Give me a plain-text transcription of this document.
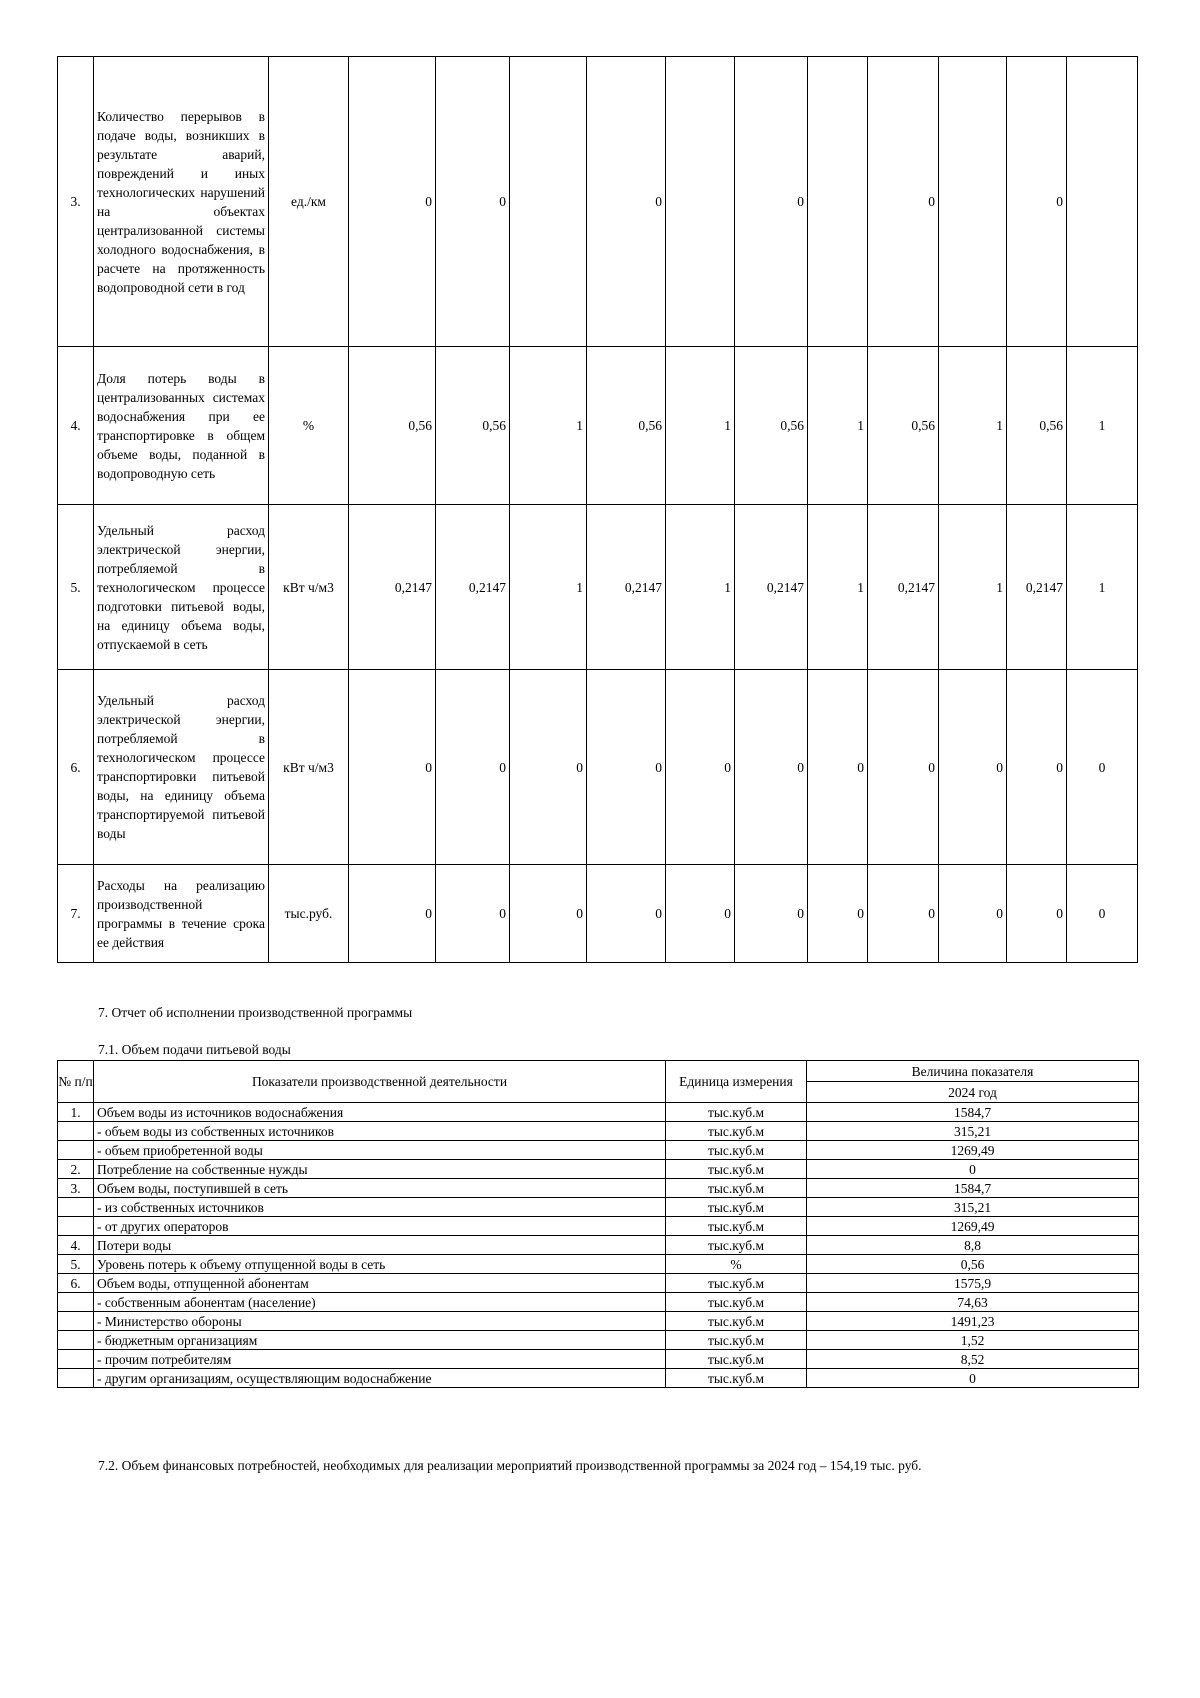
3.	Количество перерывов в подаче воды, возникших в результате аварий, повреждений и иных технологических нарушений на объектах централизованной системы холодного водоснабжения, в расчете на протяженность водопроводной сети в год	ед./км	0	0		0		0		0		0	
4.	Доля потерь воды в централизованных системах водоснабжения при ее транспортировке в общем объеме воды, поданной в водопроводную сеть	%	0,56	0,56	1	0,56	1	0,56	1	0,56	1	0,56	1
5.	Удельный расход электрической энергии, потребляемой в технологическом процессе подготовки питьевой воды, на единицу объема воды, отпускаемой в сеть	кВт ч/м3	0,2147	0,2147	1	0,2147	1	0,2147	1	0,2147	1	0,2147	1
6.	Удельный расход электрической энергии, потребляемой в технологическом процессе транспортировки питьевой воды, на единицу объема транспортируемой питьевой воды	кВт ч/м3	0	0	0	0	0	0	0	0	0	0	0
7.	Расходы на реализацию производственной программы в течение срока ее действия	тыс.руб.	0	0	0	0	0	0	0	0	0	0	0
7. Отчет об исполнении производственной программы
7.1. Объем подачи питьевой воды
№ п/п	Показатели производственной деятельности	Единица измерения	Величина показателя
			2024 год
1.	Объем воды из источников водоснабжения	тыс.куб.м	1584,7
	- объем воды из собственных источников	тыс.куб.м	315,21
	- объем приобретенной воды	тыс.куб.м	1269,49
2.	Потребление на собственные нужды	тыс.куб.м	0
3.	Объем воды, поступившей в сеть	тыс.куб.м	1584,7
	- из собственных источников	тыс.куб.м	315,21
	- от других операторов	тыс.куб.м	1269,49
4.	Потери воды	тыс.куб.м	8,8
5.	Уровень потерь к объему отпущенной воды в сеть	%	0,56
6.	Объем воды, отпущенной абонентам	тыс.куб.м	1575,9
	- собственным абонентам (население)	тыс.куб.м	74,63
	- Министерство обороны	тыс.куб.м	1491,23
	- бюджетным организациям	тыс.куб.м	1,52
	- прочим потребителям	тыс.куб.м	8,52
	- другим организациям, осуществляющим водоснабжение	тыс.куб.м	0
7.2. Объем финансовых потребностей, необходимых для реализации мероприятий производственной программы за 2024 год – 154,19 тыс. руб.
